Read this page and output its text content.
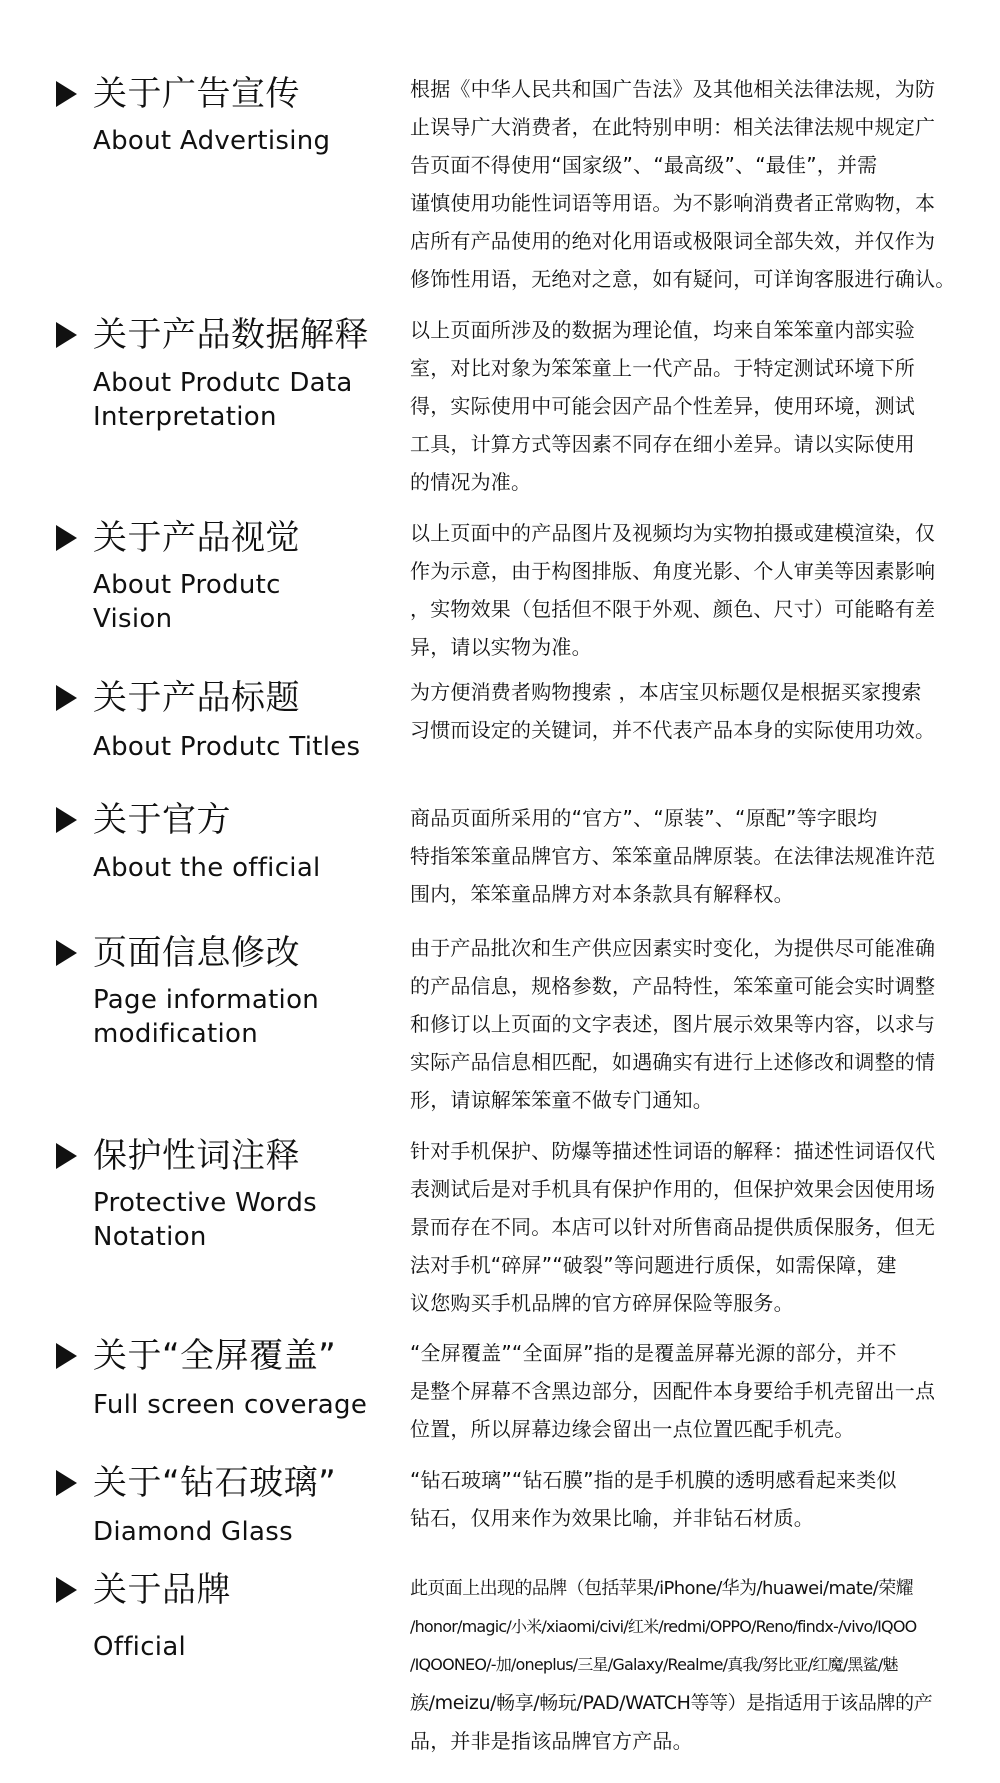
关于广告宣传
About Advertising
根据《中华人民共和国广告法》及其他相关法律法规，为防
止误导广大消费者，在此特别申明：相关法律法规中规定广
告页面不得使用“国家级”、“最高级”、“最佳”，并需
谨慎使用功能性词语等用语。为不影响消费者正常购物，本
店所有产品使用的绝对化用语或极限词全部失效，并仅作为
修饰性用语，无绝对之意，如有疑问，可详询客服进行确认。
关于产品数据解释
About Produtc Data Interpretation
以上页面所涉及的数据为理论值，均来自笨笨童内部实验
室，对比对象为笨笨童上一代产品。于特定测试环境下所
得，实际使用中可能会因产品个性差异，使用环境，测试
工具，计算方式等因素不同存在细小差异。请以实际使用
的情况为准。
关于产品视觉
About Produtc Vision
以上页面中的产品图片及视频均为实物拍摄或建模渲染，仅
作为示意，由于构图排版、角度光影、个人审美等因素影响
，实物效果（包括但不限于外观、颜色、尺寸）可能略有差
异，请以实物为准。
关于产品标题
About Produtc Titles
为方便消费者购物搜索 ，本店宝贝标题仅是根据买家搜索
习惯而设定的关键词，并不代表产品本身的实际使用功效。
关于官方
About the official
商品页面所采用的“官方”、“原装”、“原配”等字眼均
特指笨笨童品牌官方、笨笨童品牌原装。在法律法规准许范
围内，笨笨童品牌方对本条款具有解释权。
页面信息修改
Page information modification
由于产品批次和生产供应因素实时变化，为提供尽可能准确
的产品信息，规格参数，产品特性，笨笨童可能会实时调整
和修订以上页面的文字表述，图片展示效果等内容，以求与
实际产品信息相匹配，如遇确实有进行上述修改和调整的情
形，请谅解笨笨童不做专门通知。
保护性词注释
Protective Words Notation
针对手机保护、防爆等描述性词语的解释：描述性词语仅代
表测试后是对手机具有保护作用的，但保护效果会因使用场
景而存在不同。本店可以针对所售商品提供质保服务，但无
法对手机“碎屏”“破裂”等问题进行质保，如需保障，建
议您购买手机品牌的官方碎屏保险等服务。
关于“全屏覆盖”
Full screen coverage
“全屏覆盖”“全面屏”指的是覆盖屏幕光源的部分，并不
是整个屏幕不含黑边部分，因配件本身要给手机壳留出一点
位置，所以屏幕边缘会留出一点位置匹配手机壳。
关于“钻石玻璃”
Diamond Glass
“钻石玻璃”“钻石膜”指的是手机膜的透明感看起来类似
钻石，仅用来作为效果比喻，并非钻石材质。
关于品牌
Official
此页面上出现的品牌（包括苹果/iPhone/华为/huawei/mate/荣耀
/honor/magic/小米/xiaomi/civi/红米/redmi/OPPO/Reno/findx-/vivo/IQOO
/IQOONEO/-加/oneplus/三星/Galaxy/Realme/真我/努比亚/红魔/黑鲨/魅
族/meizu/畅享/畅玩/PAD/WATCH等等）是指适用于该品牌的产
品，并非是指该品牌官方产品。
